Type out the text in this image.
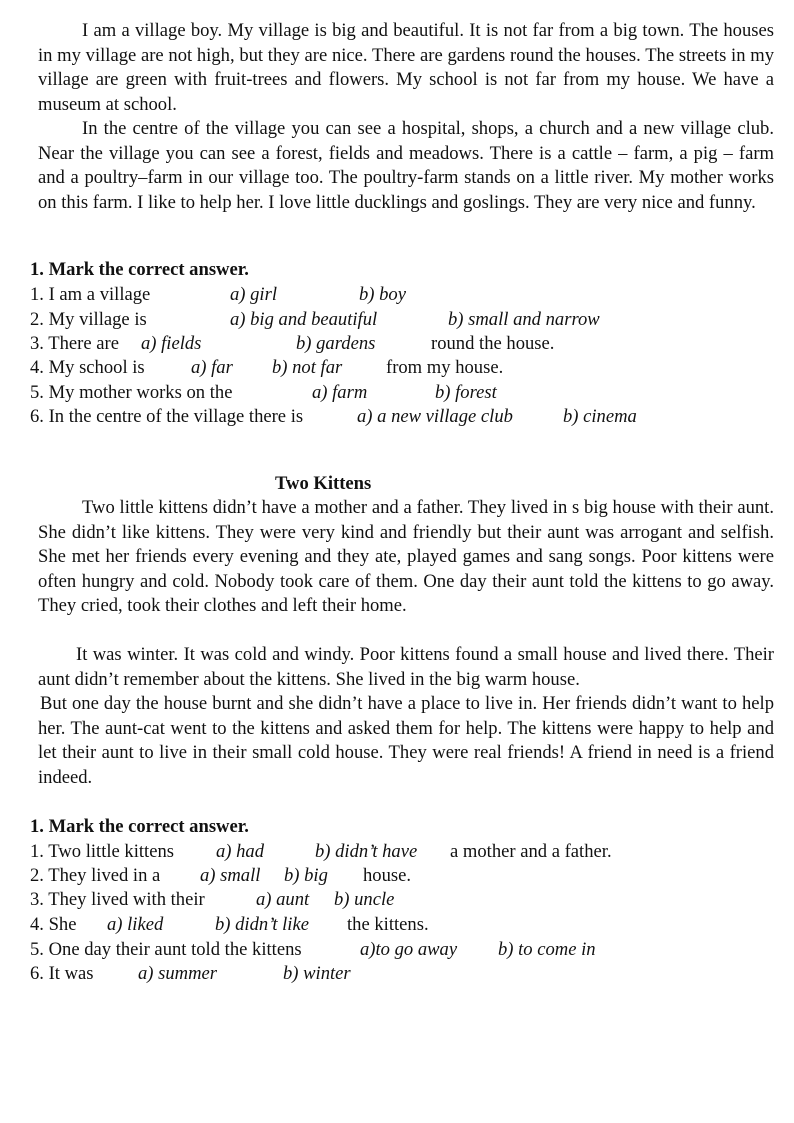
I am a village boy. My village is big and beautiful. It is not far from a big town. The houses in my village are not high, but they are nice. There are gardens round the houses. The streets in my village are green with fruit-trees and flowers. My school is not far from my house. We have a museum at school.

In the centre of the village you can see a hospital, shops, a church and a new village club. Near the village you can see a forest, fields and meadows. There is a cattle – farm, a pig – farm and a poultry–farm in our village too. The poultry-farm stands on a little river. My mother works on this farm. I like to help her. I love little ducklings and goslings. They are very nice and funny.

1. Mark the correct answer.

1. I am a village	a) girl	b) boy
2. My village is	a) big and beautiful	b) small and narrow
3. There are a) fields	b) gardens	round the house.
4. My school is a) far b) not far from my house.
5. My mother works on the	a) farm	b) forest
6. In the centre of the village there is	a) a new village club	b) cinema

Two Kittens

Two little kittens didn’t have a mother and a father. They lived in s big house with their aunt. She didn’t like kittens. They were very kind and friendly but their aunt was arrogant and selfish. She met her friends every evening and they ate, played games and sang songs. Poor kittens were often hungry and cold. Nobody took care of them. One day their aunt told the kittens to go away. They cried, took their clothes and left their home.

It was winter. It was cold and windy. Poor kittens found a small house and lived there. Their aunt didn’t remember about the kittens. She lived in the big warm house.

But one day the house burnt and she didn’t have a place to live in. Her friends didn’t want to help her. The aunt-cat went to the kittens and asked them for help. The kittens were happy to help and let their aunt to live in their small cold house. They were real friends! A friend in need is a friend indeed.

1. Mark the correct answer.

1. Two little kittens a) had	b) didn’t have a mother and a father.
2. They lived in a a) small b) big house.
3. They lived with their	a) aunt b) uncle
4. She a) liked	b) didn’t like the kittens.
5. One day their aunt told the kittens	a)to go away b) to come in
6. It was a) summer	b) winter
